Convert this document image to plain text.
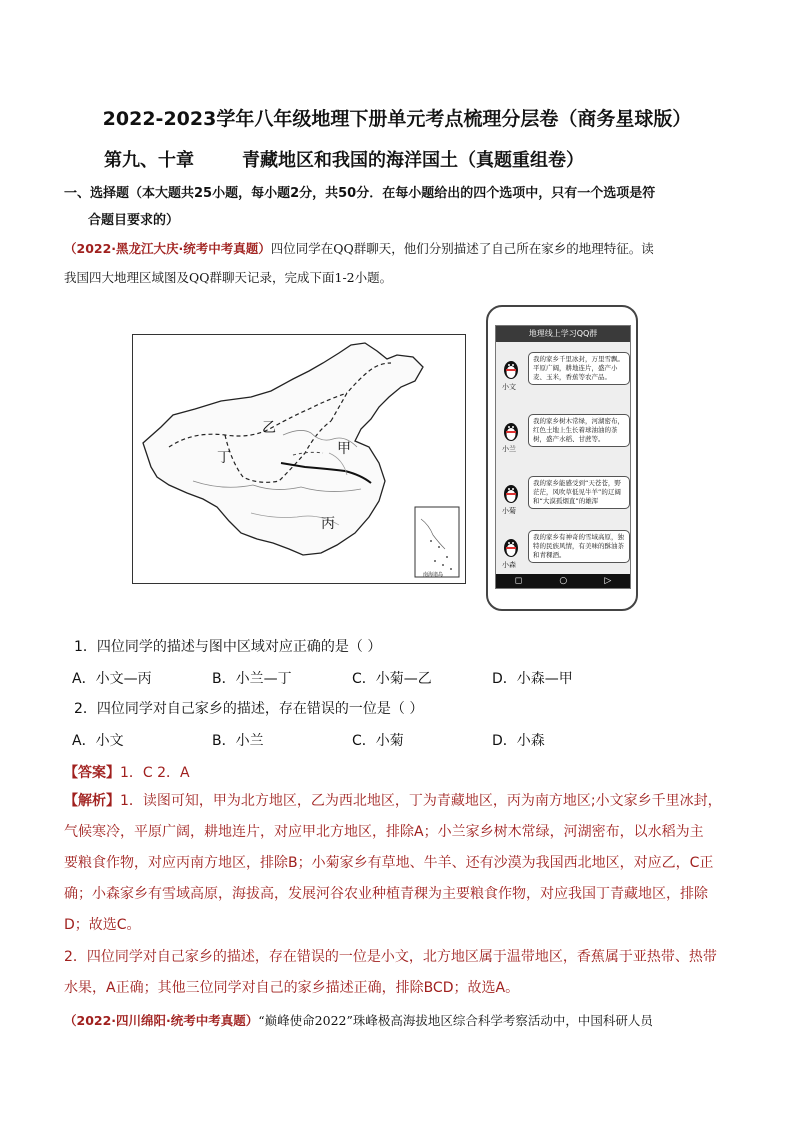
2022-2023学年八年级地理下册单元考点梳理分层卷（商务星球版）
第九、十章	青藏地区和我国的海洋国土（真题重组卷）
一、选择题（本大题共25小题，每小题2分，共50分．在每小题给出的四个选项中，只有一个选项是符
合题目要求的）
（2022·黑龙江大庆·统考中考真题）四位同学在QQ群聊天，他们分别描述了自己所在家乡的地理特征。读
我国四大地理区域图及QQ群聊天记录，完成下面1-2小题。
乙
甲
丁
丙
南海诸岛
地理线上学习QQ群
小文
我的家乡千里冰封，万里雪飘。平原广阔，耕地连片，盛产小麦、玉米，香蕉等农产品。
小兰
我的家乡树木常绿，河湖密布，红色土地上生长着球油油的茶树，盛产水稻、甘蔗等。
小菊
我的家乡能感受到“天苍苍，野茫茫，风吹草低见牛羊”的辽阔和“大漠孤烟直”的雄浑
小森
我的家乡有神奇的雪域高原，独特的民族风情，有美味的酥油茶和青稞酒。
◻	○	▷
1．四位同学的描述与图中区域对应正确的是（ ）
A．小文—丙	B．小兰—丁	C．小菊—乙	D．小森—甲
2．四位同学对自己家乡的描述，存在错误的一位是（ ）
A．小文	B．小兰	C．小菊	D．小森
【答案】1．C 2．A
【解析】1．读图可知，甲为北方地区，乙为西北地区，丁为青藏地区，丙为南方地区;小文家乡千里冰封，
气候寒冷，平原广阔，耕地连片，对应甲北方地区，排除A；小兰家乡树木常绿，河湖密布，以水稻为主
要粮食作物，对应丙南方地区，排除B；小菊家乡有草地、牛羊、还有沙漠为我国西北地区，对应乙，C正
确；小森家乡有雪域高原，海拔高，发展河谷农业种植青稞为主要粮食作物，对应我国丁青藏地区，排除
D；故选C。
2．四位同学对自己家乡的描述，存在错误的一位是小文，北方地区属于温带地区，香蕉属于亚热带、热带
水果，A正确；其他三位同学对自己的家乡描述正确，排除BCD；故选A。
（2022·四川绵阳·统考中考真题）“巅峰使命2022”珠峰极高海拔地区综合科学考察活动中，中国科研人员
